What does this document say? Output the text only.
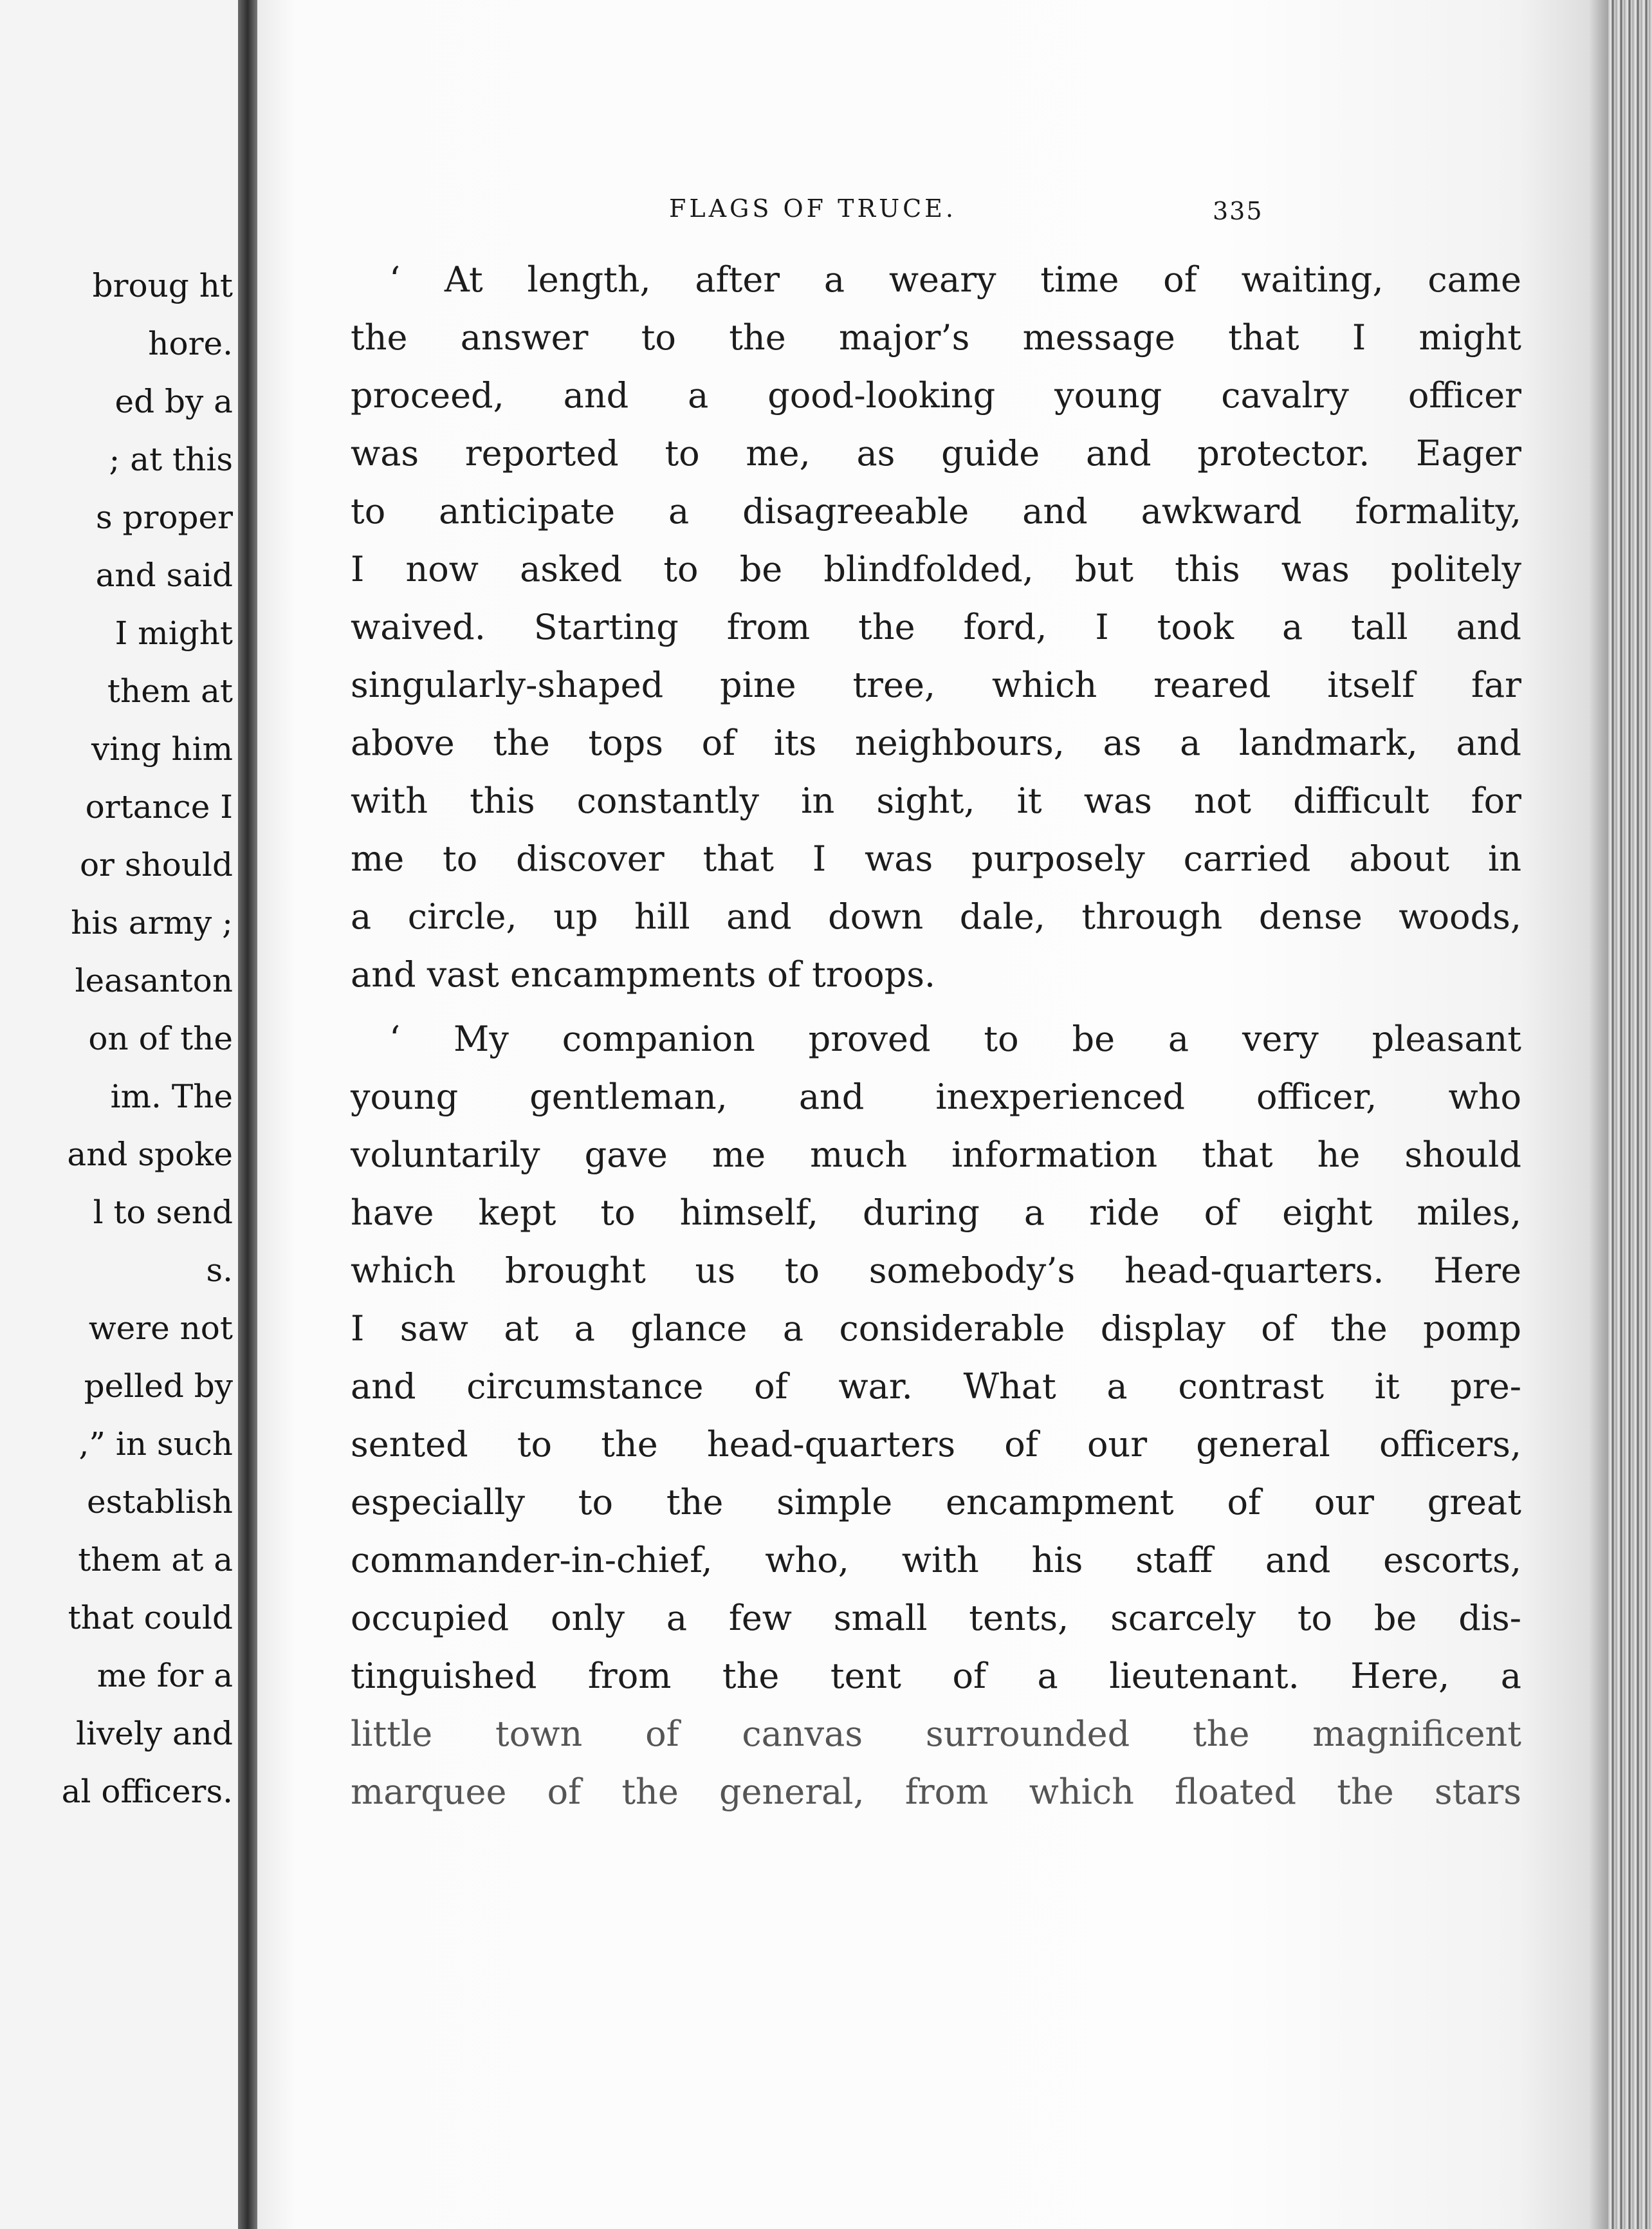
broug ht
hore.
ed by a
; at this
s proper
and said
I might
them at
ving him
ortance I
or should
his army ;
leasanton
on of the
im. The
and spoke
l to send
s.
were not
pelled by
,” in such
establish
them at a
that could
me for a
lively and
al officers.
FLAGS OF TRUCE.	335
‘ At length, after a weary time of waiting, came
the answer to the major’s message that I might
proceed, and a good-looking young cavalry officer
was reported to me, as guide and protector. Eager
to anticipate a disagreeable and awkward formality,
I now asked to be blindfolded, but this was politely
waived. Starting from the ford, I took a tall and
singularly-shaped pine tree, which reared itself far
above the tops of its neighbours, as a landmark, and
with this constantly in sight, it was not difficult for
me to discover that I was purposely carried about in
a circle, up hill and down dale, through dense woods,
and vast encampments of troops.
‘ My companion proved to be a very pleasant
young gentleman, and inexperienced officer, who
voluntarily gave me much information that he should
have kept to himself, during a ride of eight miles,
which brought us to somebody’s head-quarters. Here
I saw at a glance a considerable display of the pomp
and circumstance of war. What a contrast it pre-
sented to the head-quarters of our general officers,
especially to the simple encampment of our great
commander-in-chief, who, with his staff and escorts,
occupied only a few small tents, scarcely to be dis-
tinguished from the tent of a lieutenant. Here, a
little town of canvas surrounded the magnificent
marquee of the general, from which floated the stars
